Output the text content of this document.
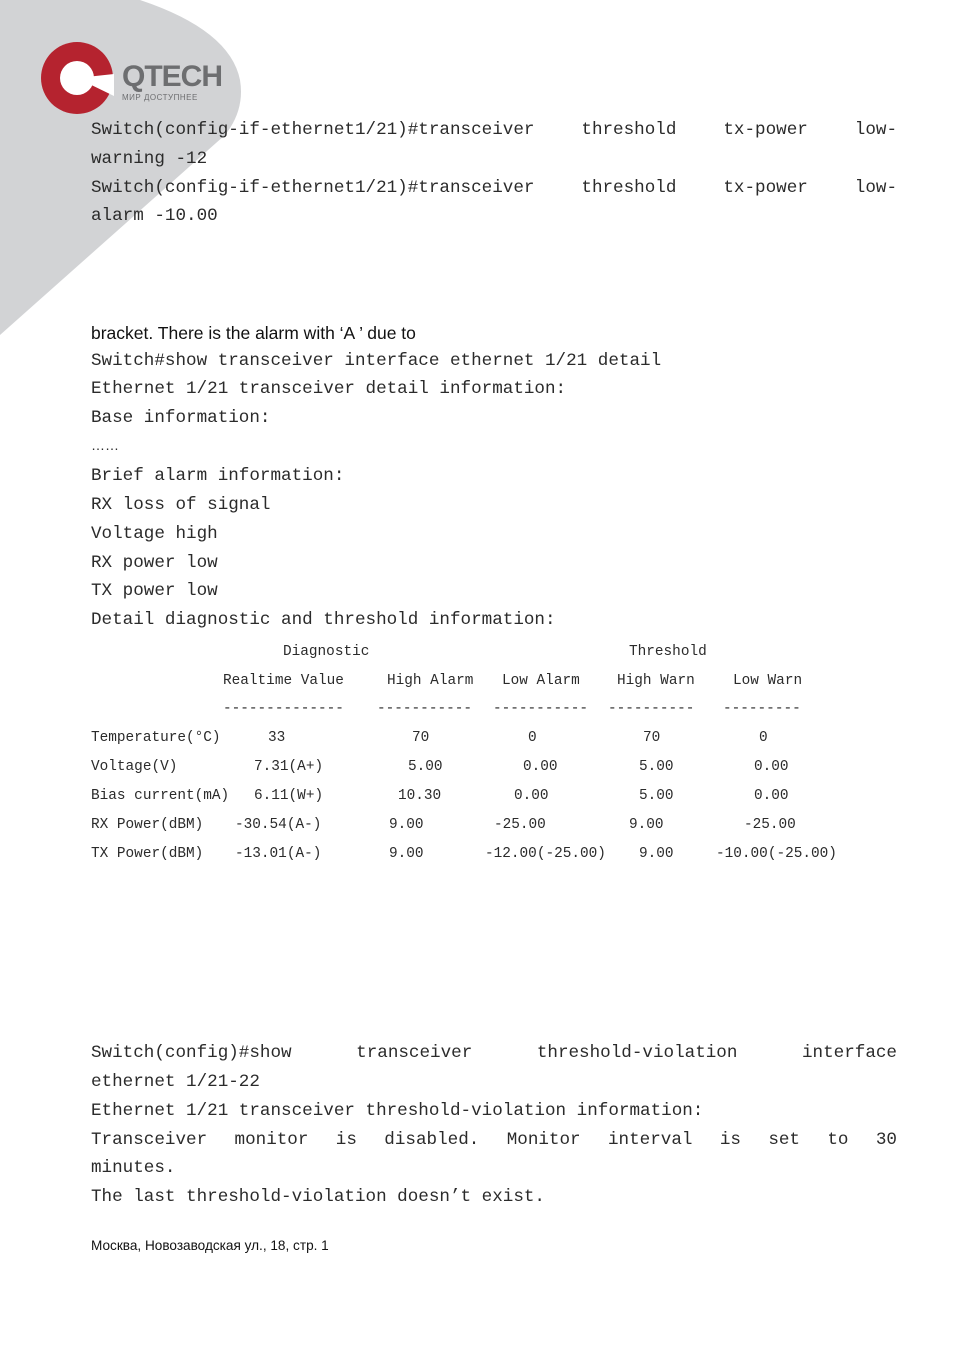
QTECH
МИР ДОСТУПНЕЕ
Switch(config-if-ethernet1/21)#transceiver threshold tx-power low-
warning -12
Switch(config-if-ethernet1/21)#transceiver threshold tx-power low-
alarm -10.00
bracket. There is the alarm with ‘A ’ due to
Switch#show transceiver interface ethernet 1/21 detail
Ethernet 1/21 transceiver detail information:
Base information:
……
Brief alarm information:
RX loss of signal
Voltage high
RX power low
TX power low
Detail diagnostic and threshold information:
Diagnostic	Threshold
Realtime Value	High Alarm Low Alarm	High Warn	Low Warn
-------------- ----------- ----------- ---------- ---------
Temperature(°C)	33	70	0	70	0
Voltage(V)	7.31(A+)	5.00	0.00	5.00	0.00
Bias current(mA) 6.11(W+)	10.30	0.00	5.00	0.00
RX Power(dBM) -30.54(A-)	9.00	-25.00	9.00	-25.00
TX Power(dBM) -13.01(A-)	9.00	-12.00(-25.00) 9.00	-10.00(-25.00)
Switch(config)#show transceiver threshold-violation interface
ethernet 1/21-22
Ethernet 1/21 transceiver threshold-violation information:
Transceiver monitor is disabled. Monitor interval is set to 30
minutes.
The last threshold-violation doesn’t exist.
Москва, Новозаводская ул., 18, стр. 1
